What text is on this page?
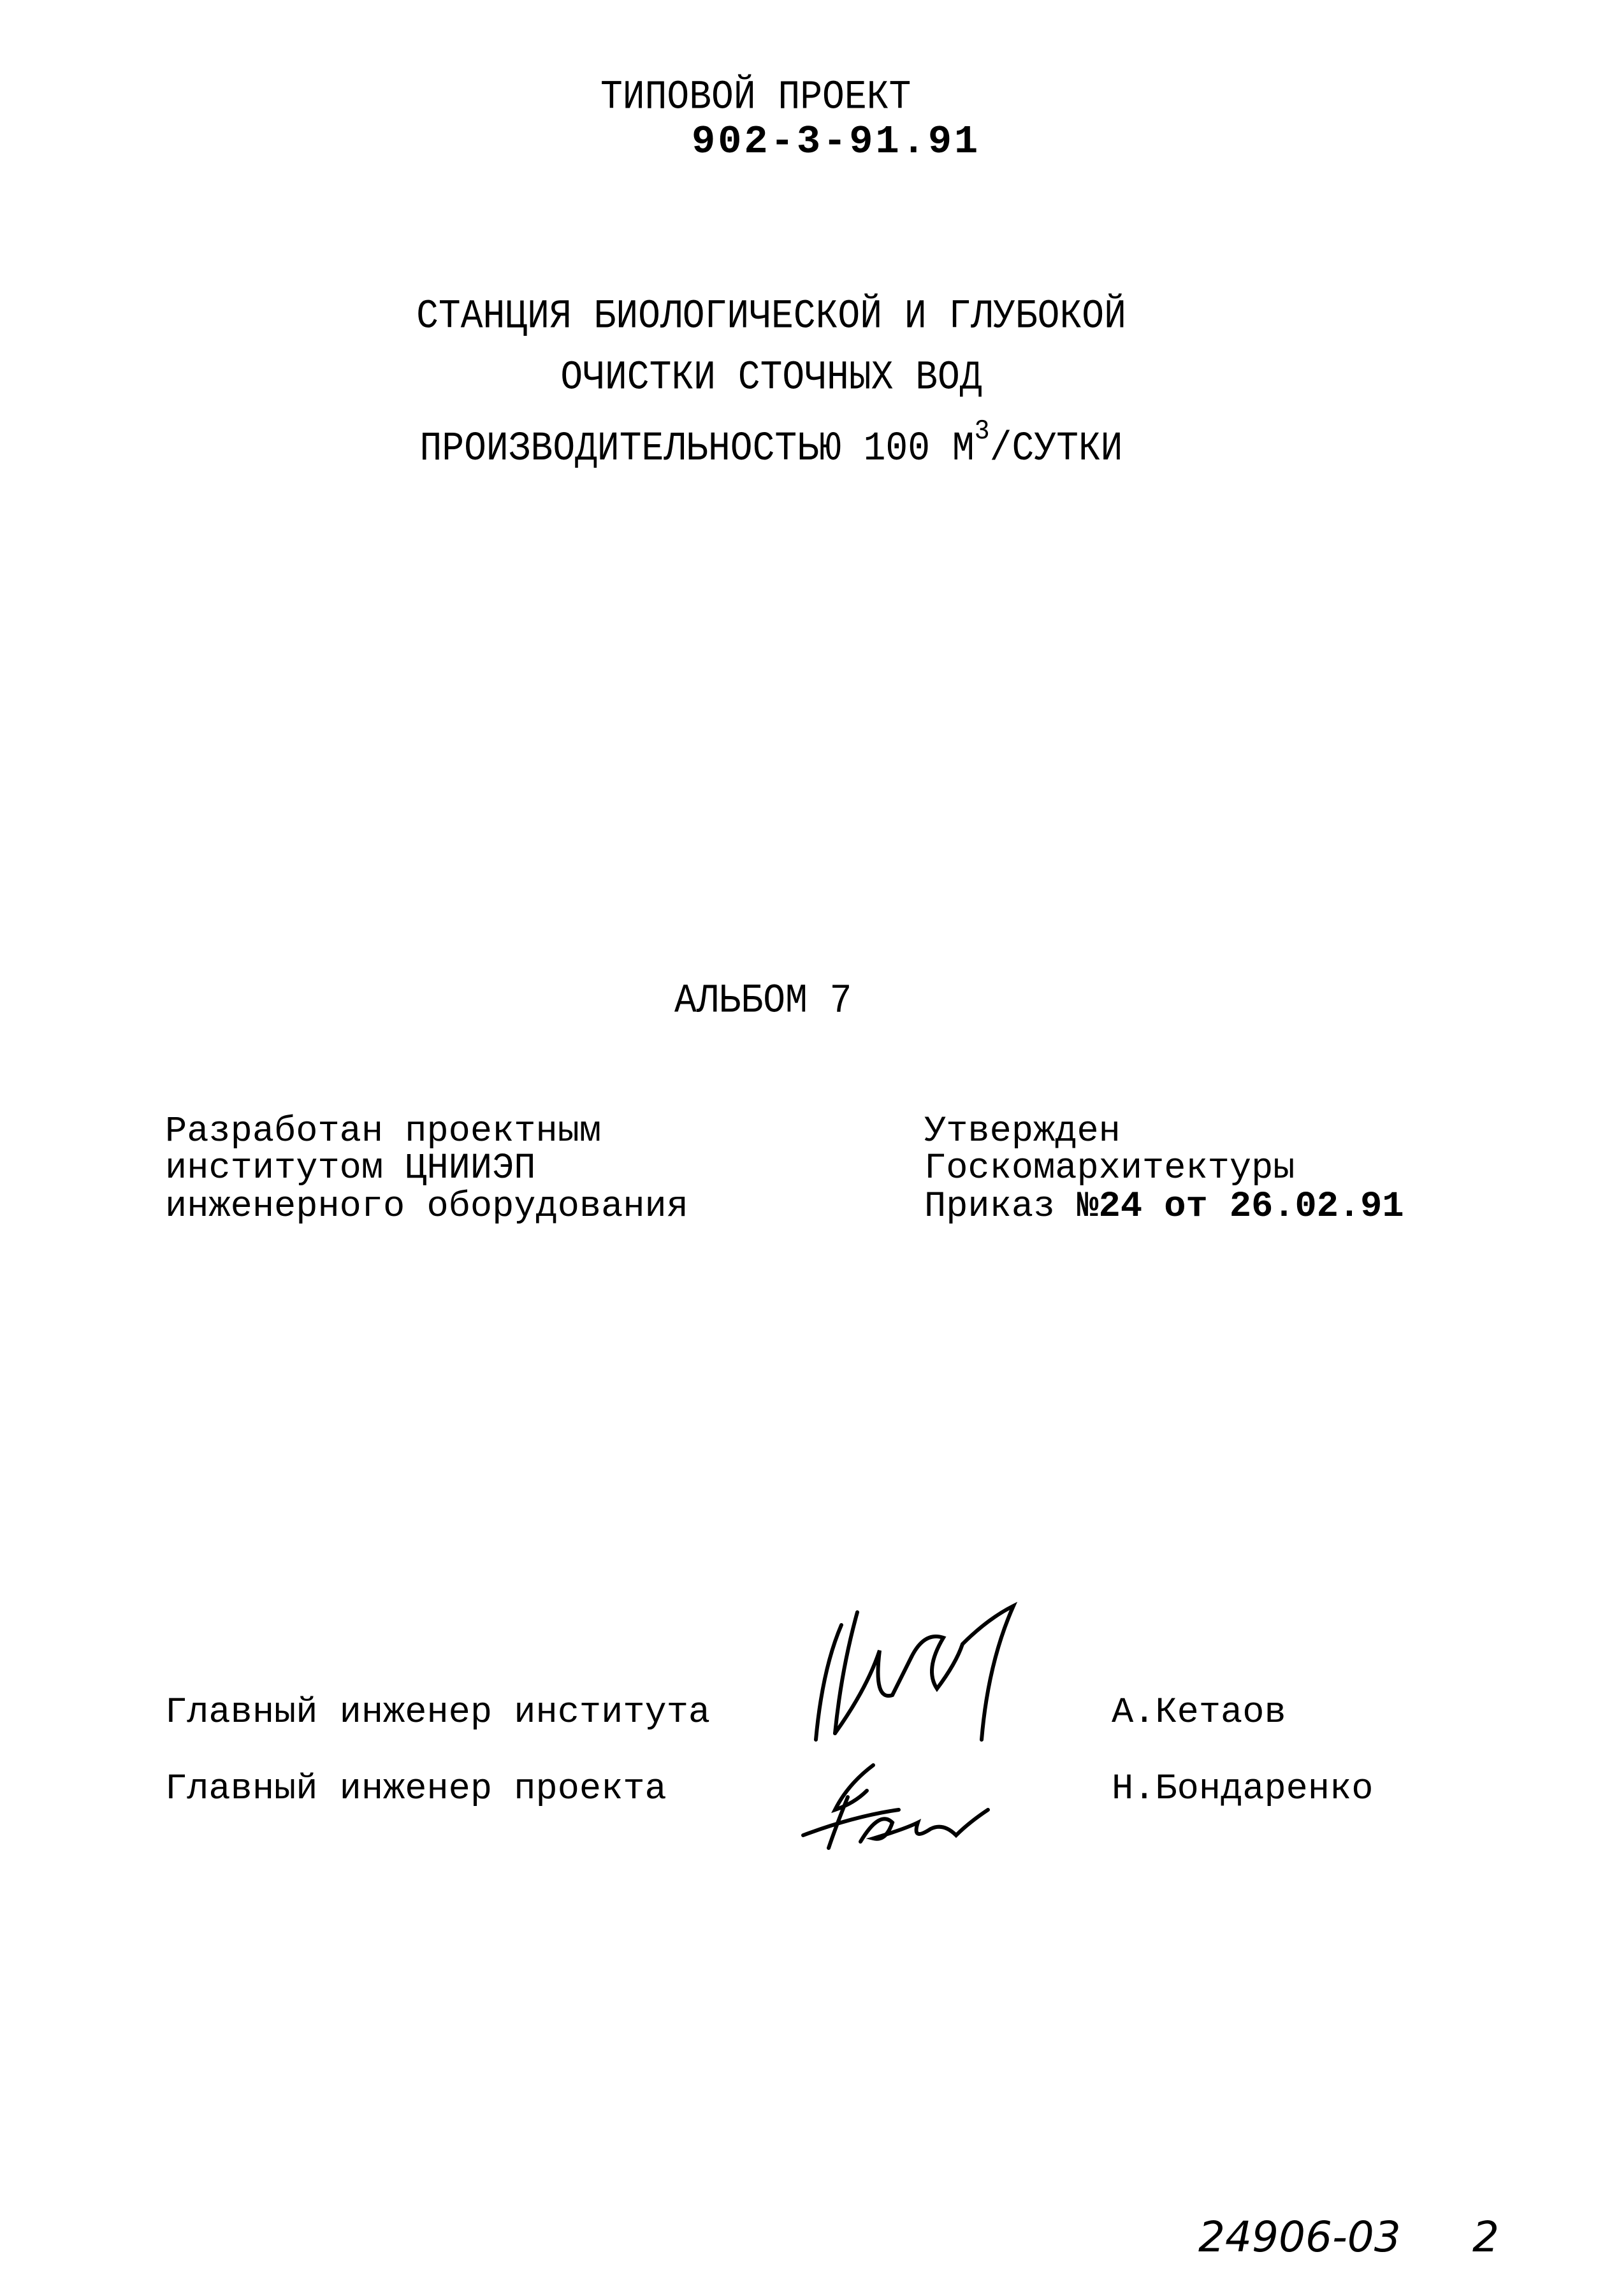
ТИПОВОЙ ПРОЕКТ
902-3-91.91
СТАНЦИЯ БИОЛОГИЧЕСКОЙ И ГЛУБОКОЙ
ОЧИСТКИ СТОЧНЫХ ВОД
ПРОИЗВОДИТЕЛЬНОСТЬЮ 100 $М^3$/СУТКИ
АЛЬБОМ 7
Разработан проектным
институтом ЦНИИЭП
инженерного оборудования
Утвержден
Госкомархитектуры
Приказ №24 от 26.02.91
Главный инженер института	А.Кетаов
Главный инженер проекта	Н.Бондаренко
24906-03 2
